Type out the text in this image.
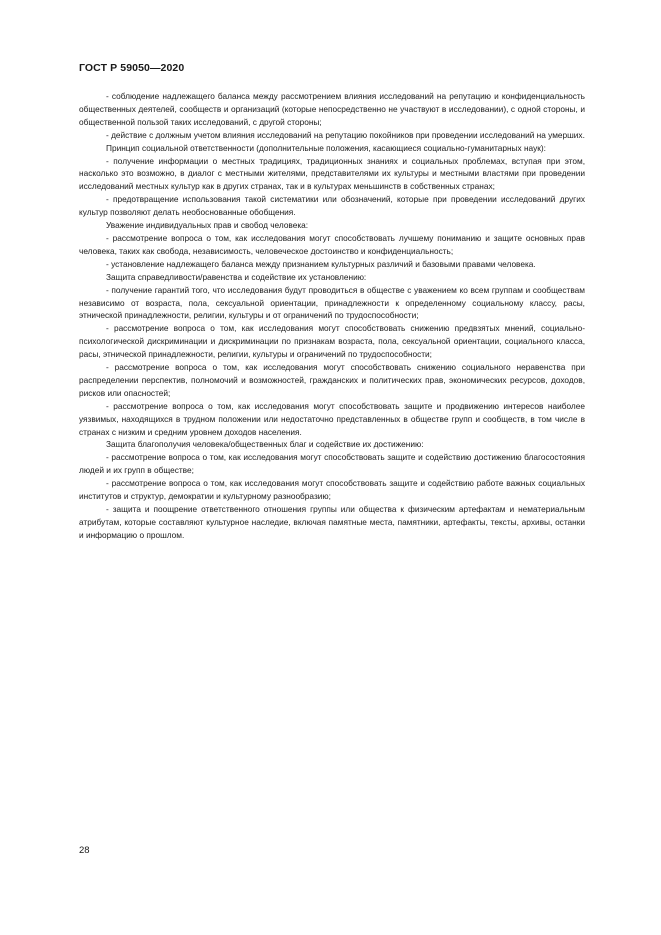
ГОСТ Р 59050—2020

- соблюдение надлежащего баланса между рассмотрением влияния исследований на репутацию и конфиденциальность общественных деятелей, сообществ и организаций (которые непосредственно не участвуют в исследовании), с одной стороны, и общественной пользой таких исследований, с другой стороны;

- действие с должным учетом влияния исследований на репутацию покойников при проведении исследований на умерших.

Принцип социальной ответственности (дополнительные положения, касающиеся социально-гуманитарных наук):

- получение информации о местных традициях, традиционных знаниях и социальных проблемах, вступая при этом, насколько это возможно, в диалог с местными жителями, представителями их культуры и местными властями при проведении исследований местных культур как в других странах, так и в культурах меньшинств в собственных странах;

- предотвращение использования такой систематики или обозначений, которые при проведении исследований других культур позволяют делать необоснованные обобщения.

Уважение индивидуальных прав и свобод человека:

- рассмотрение вопроса о том, как исследования могут способствовать лучшему пониманию и защите основных прав человека, таких как свобода, независимость, человеческое достоинство и конфиденциальность;

- установление надлежащего баланса между признанием культурных различий и базовыми правами человека.

Защита справедливости/равенства и содействие их установлению:

- получение гарантий того, что исследования будут проводиться в обществе с уважением ко всем группам и сообществам независимо от возраста, пола, сексуальной ориентации, принадлежности к определенному социальному классу, расы, этнической принадлежности, религии, культуры и от ограничений по трудоспособности;

- рассмотрение вопроса о том, как исследования могут способствовать снижению предвзятых мнений, социально-психологической дискриминации и дискриминации по признакам возраста, пола, сексуальной ориентации, социального класса, расы, этнической принадлежности, религии, культуры и ограничений по трудоспособности;

- рассмотрение вопроса о том, как исследования могут способствовать снижению социального неравенства при распределении перспектив, полномочий и возможностей, гражданских и политических прав, экономических ресурсов, доходов, рисков или опасностей;

- рассмотрение вопроса о том, как исследования могут способствовать защите и продвижению интересов наиболее уязвимых, находящихся в трудном положении или недостаточно представленных в обществе групп и сообществ, в том числе в странах с низким и средним уровнем доходов населения.

Защита благополучия человека/общественных благ и содействие их достижению:

- рассмотрение вопроса о том, как исследования могут способствовать защите и содействию достижению благосостояния людей и их групп в обществе;

- рассмотрение вопроса о том, как исследования могут способствовать защите и содействию работе важных социальных институтов и структур, демократии и культурному разнообразию;

- защита и поощрение ответственного отношения группы или общества к физическим артефактам и нематериальным атрибутам, которые составляют культурное наследие, включая памятные места, памятники, артефакты, тексты, архивы, останки и информацию о прошлом.

28
